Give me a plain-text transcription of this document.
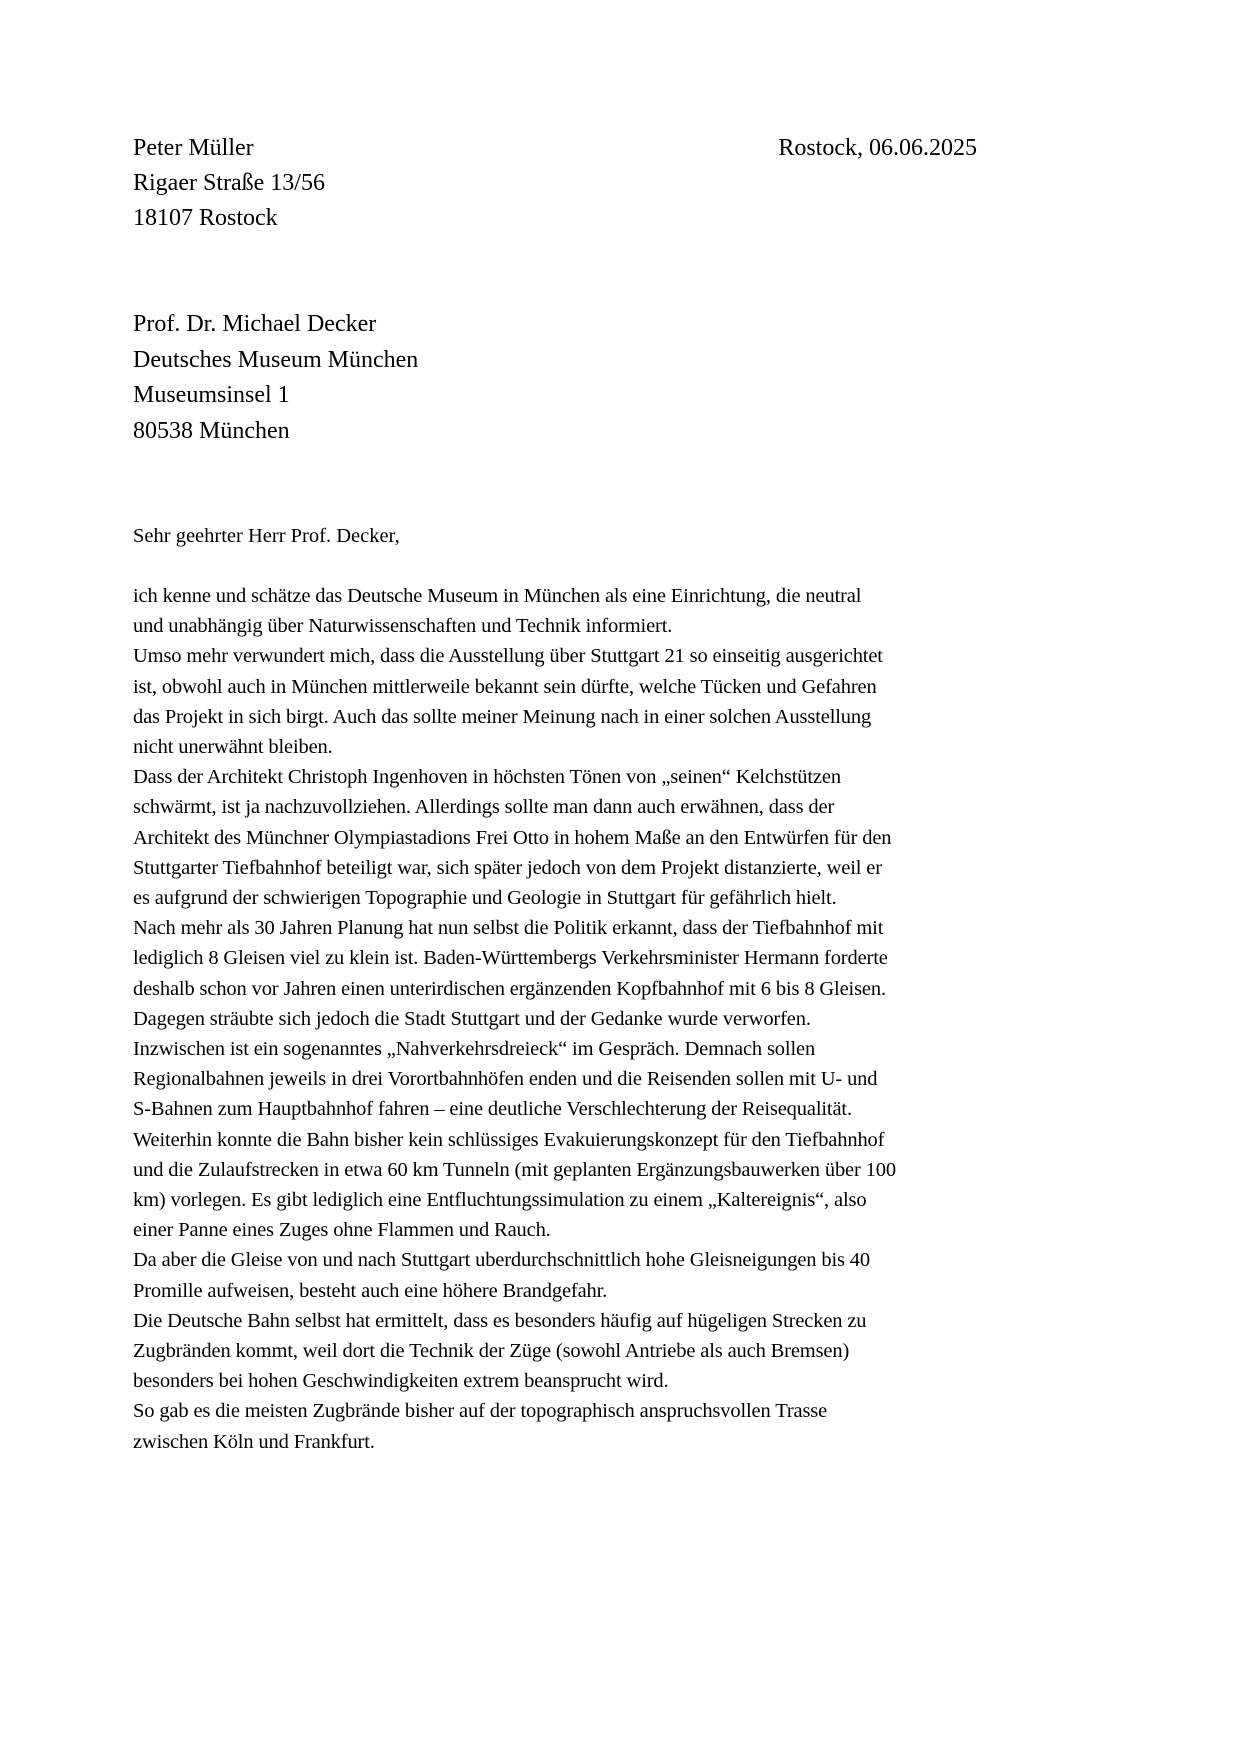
Peter Müller
Rigaer Straße 13/56
18107 Rostock
Rostock, 06.06.2025
Prof. Dr. Michael Decker
Deutsches Museum München
Museumsinsel 1
80538 München
Sehr geehrter Herr Prof. Decker,
ich kenne und schätze das Deutsche Museum in München als eine Einrichtung, die neutral
und unabhängig über Naturwissenschaften und Technik informiert.
Umso mehr verwundert mich, dass die Ausstellung über Stuttgart 21 so einseitig ausgerichtet
ist, obwohl auch in München mittlerweile bekannt sein dürfte, welche Tücken und Gefahren
das Projekt in sich birgt. Auch das sollte meiner Meinung nach in einer solchen Ausstellung
nicht unerwähnt bleiben.
Dass der Architekt Christoph Ingenhoven in höchsten Tönen von „seinen“ Kelchstützen
schwärmt, ist ja nachzuvollziehen. Allerdings sollte man dann auch erwähnen, dass der
Architekt des Münchner Olympiastadions Frei Otto in hohem Maße an den Entwürfen für den
Stuttgarter Tiefbahnhof beteiligt war, sich später jedoch von dem Projekt distanzierte, weil er
es aufgrund der schwierigen Topographie und Geologie in Stuttgart für gefährlich hielt.
Nach mehr als 30 Jahren Planung hat nun selbst die Politik erkannt, dass der Tiefbahnhof mit
lediglich 8 Gleisen viel zu klein ist. Baden-Württembergs Verkehrsminister Hermann forderte
deshalb schon vor Jahren einen unterirdischen ergänzenden Kopfbahnhof mit 6 bis 8 Gleisen.
Dagegen sträubte sich jedoch die Stadt Stuttgart und der Gedanke wurde verworfen.
Inzwischen ist ein sogenanntes „Nahverkehrsdreieck“ im Gespräch. Demnach sollen
Regionalbahnen jeweils in drei Vorortbahnhöfen enden und die Reisenden sollen mit U- und
S-Bahnen zum Hauptbahnhof fahren – eine deutliche Verschlechterung der Reisequalität.
Weiterhin konnte die Bahn bisher kein schlüssiges Evakuierungskonzept für den Tiefbahnhof
und die Zulaufstrecken in etwa 60 km Tunneln (mit geplanten Ergänzungsbauwerken über 100
km) vorlegen. Es gibt lediglich eine Entfluchtungssimulation zu einem „Kaltereignis“, also
einer Panne eines Zuges ohne Flammen und Rauch.
Da aber die Gleise von und nach Stuttgart uberdurchschnittlich hohe Gleisneigungen bis 40
Promille aufweisen, besteht auch eine höhere Brandgefahr.
Die Deutsche Bahn selbst hat ermittelt, dass es besonders häufig auf hügeligen Strecken zu
Zugbränden kommt, weil dort die Technik der Züge (sowohl Antriebe als auch Bremsen)
besonders bei hohen Geschwindigkeiten extrem beansprucht wird.
So gab es die meisten Zugbrände bisher auf der topographisch anspruchsvollen Trasse
zwischen Köln und Frankfurt.
